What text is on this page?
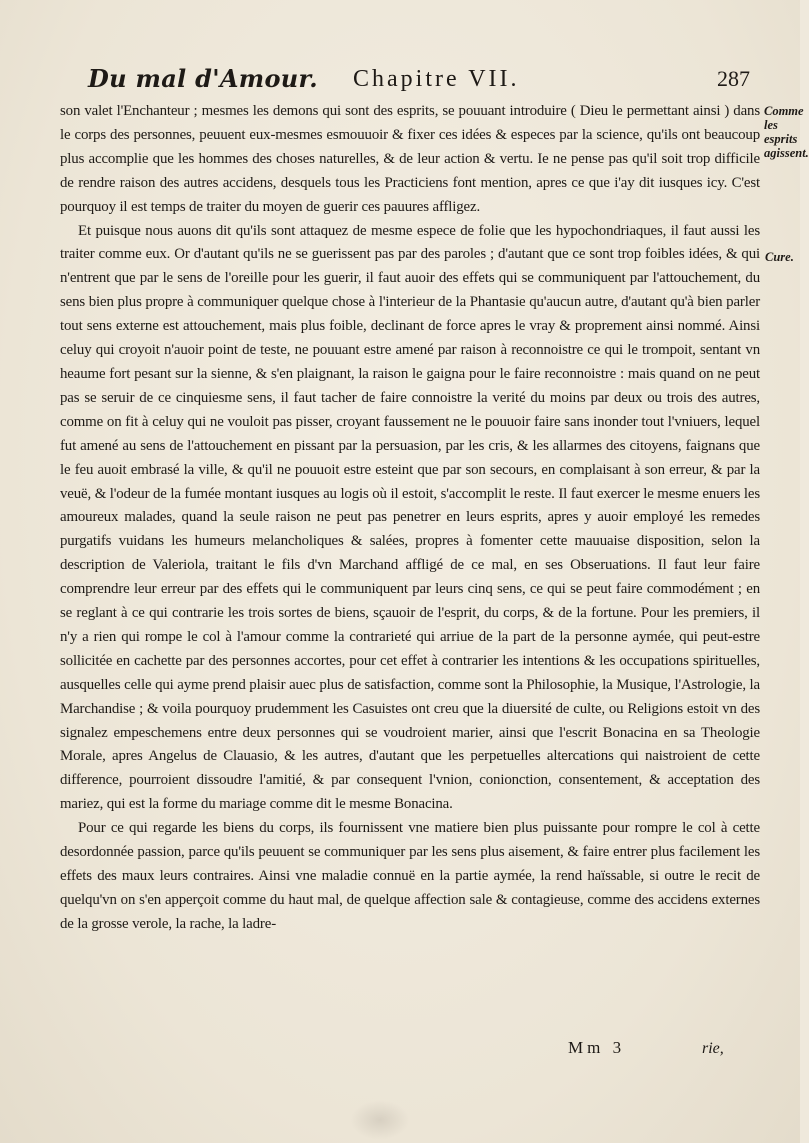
Du mal d'Amour. Chapitre VII.	287
Comme les esprits agissent.
Cure.

son valet l'Enchanteur ; mesmes les demons qui sont des esprits, se pouuant introduire ( Dieu le permettant ainsi ) dans le corps des personnes, peuuent eux-mesmes esmouuoir & fixer ces idées & especes par la science, qu'ils ont beaucoup plus accomplie que les hommes des choses naturelles, & de leur action & vertu. Ie ne pense pas qu'il soit trop difficile de rendre raison des autres accidens, desquels tous les Practiciens font mention, apres ce que i'ay dit iusques icy. C'est pourquoy il est temps de traiter du moyen de guerir ces pauures affligez.

Et puisque nous auons dit qu'ils sont attaquez de mesme espece de folie que les hypochondriaques, il faut aussi les traiter comme eux. Or d'autant qu'ils ne se guerissent pas par des paroles ; d'autant que ce sont trop foibles idées, & qui n'entrent que par le sens de l'oreille pour les guerir, il faut auoir des effets qui se communiquent par l'attouchement, du sens bien plus propre à communiquer quelque chose à l'interieur de la Phantasie qu'aucun autre, d'autant qu'à bien parler tout sens externe est attouchement, mais plus foible, declinant de force apres le vray & proprement ainsi nommé. Ainsi celuy qui croyoit n'auoir point de teste, ne pouuant estre amené par raison à reconnoistre ce qui le trompoit, sentant vn heaume fort pesant sur la sienne, & s'en plaignant, la raison le gaigna pour le faire reconnoistre : mais quand on ne peut pas se seruir de ce cinquiesme sens, il faut tacher de faire connoistre la verité du moins par deux ou trois des autres, comme on fit à celuy qui ne vouloit pas pisser, croyant faussement ne le pouuoir faire sans inonder tout l'vniuers, lequel fut amené au sens de l'attouchement en pissant par la persuasion, par les cris, & les allarmes des citoyens, faignans que le feu auoit embrasé la ville, & qu'il ne pouuoit estre esteint que par son secours, en complaisant à son erreur, & par la veuë, & l'odeur de la fumée montant iusques au logis où il estoit, s'accomplit le reste. Il faut exercer le mesme enuers les amoureux malades, quand la seule raison ne peut pas penetrer en leurs esprits, apres y auoir employé les remedes purgatifs vuidans les humeurs melancholiques & salées, propres à fomenter cette mauuaise disposition, selon la description de Valeriola, traitant le fils d'vn Marchand affligé de ce mal, en ses Obseruations. Il faut leur faire comprendre leur erreur par des effets qui le communiquent par leurs cinq sens, ce qui se peut faire commodément ; en se reglant à ce qui contrarie les trois sortes de biens, sçauoir de l'esprit, du corps, & de la fortune. Pour les premiers, il n'y a rien qui rompe le col à l'amour comme la contrarieté qui arriue de la part de la personne aymée, qui peut-estre sollicitée en cachette par des personnes accortes, pour cet effet à contrarier les intentions & les occupations spirituelles, ausquelles celle qui ayme prend plaisir auec plus de satisfaction, comme sont la Philosophie, la Musique, l'Astrologie, la Marchandise ; & voila pourquoy prudemment les Casuistes ont creu que la diuersité de culte, ou Religions estoit vn des signalez empeschemens entre deux personnes qui se voudroient marier, ainsi que l'escrit Bonacina en sa Theologie Morale, apres Angelus de Clauasio, & les autres, d'autant que les perpetuelles altercations qui naistroient de cette difference, pourroient dissoudre l'amitié, & par consequent l'vnion, conionction, consentement, & acceptation des mariez, qui est la forme du mariage comme dit le mesme Bonacina.

Pour ce qui regarde les biens du corps, ils fournissent vne matiere bien plus puissante pour rompre le col à cette desordonnée passion, parce qu'ils peuuent se communiquer par les sens plus aisement, & faire entrer plus facilement les effets des maux leurs contraires. Ainsi vne maladie connuë en la partie aymée, la rend haïssable, si outre le recit de quelqu'vn on s'en apperçoit comme du haut mal, de quelque affection sale & contagieuse, comme des accidens externes de la grosse verole, la rache, la ladre-

Mm 3	rie,
